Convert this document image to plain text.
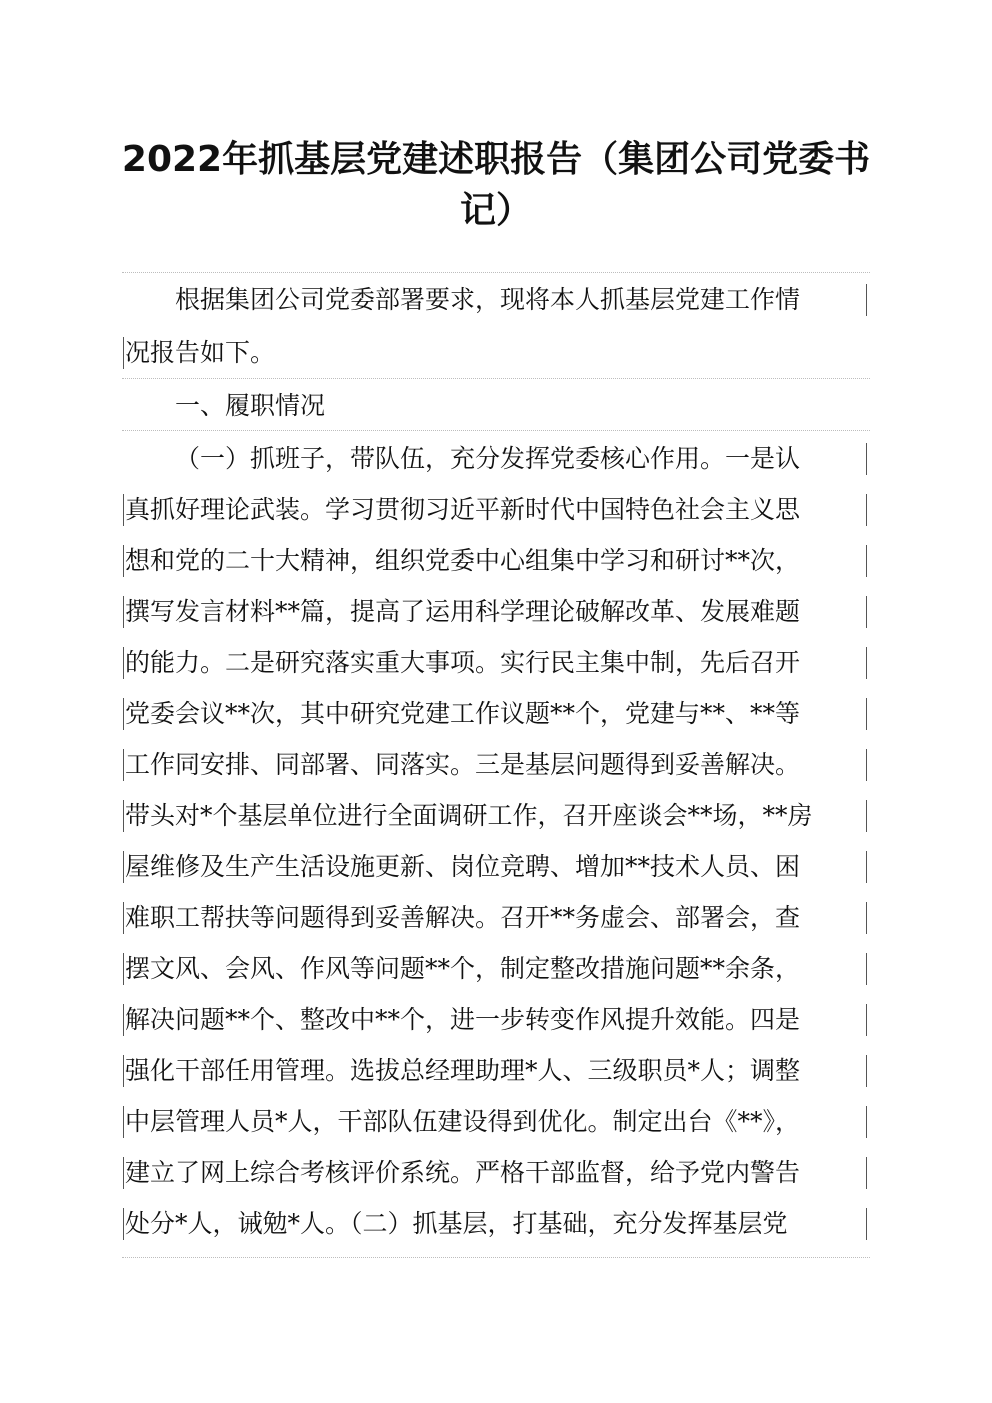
2022年抓基层党建述职报告（集团公司党委书
记）
根据集团公司党委部署要求，现将本人抓基层党建工作情
况报告如下。
一、履职情况
（一）抓班子，带队伍，充分发挥党委核心作用。一是认
真抓好理论武装。学习贯彻习近平新时代中国特色社会主义思
想和党的二十大精神，组织党委中心组集中学习和研讨**次，
撰写发言材料**篇，提高了运用科学理论破解改革、发展难题
的能力。二是研究落实重大事项。实行民主集中制，先后召开
党委会议**次，其中研究党建工作议题**个，党建与**、**等
工作同安排、同部署、同落实。三是基层问题得到妥善解决。
带头对*个基层单位进行全面调研工作，召开座谈会**场，**房
屋维修及生产生活设施更新、岗位竞聘、增加**技术人员、困
难职工帮扶等问题得到妥善解决。召开**务虚会、部署会，查
摆文风、会风、作风等问题**个，制定整改措施问题**余条，
解决问题**个、整改中**个，进一步转变作风提升效能。四是
强化干部任用管理。选拔总经理助理*人、三级职员*人；调整
中层管理人员*人，干部队伍建设得到优化。制定出台《**》，
建立了网上综合考核评价系统。严格干部监督，给予党内警告
处分*人，诫勉*人。（二）抓基层，打基础，充分发挥基层党
